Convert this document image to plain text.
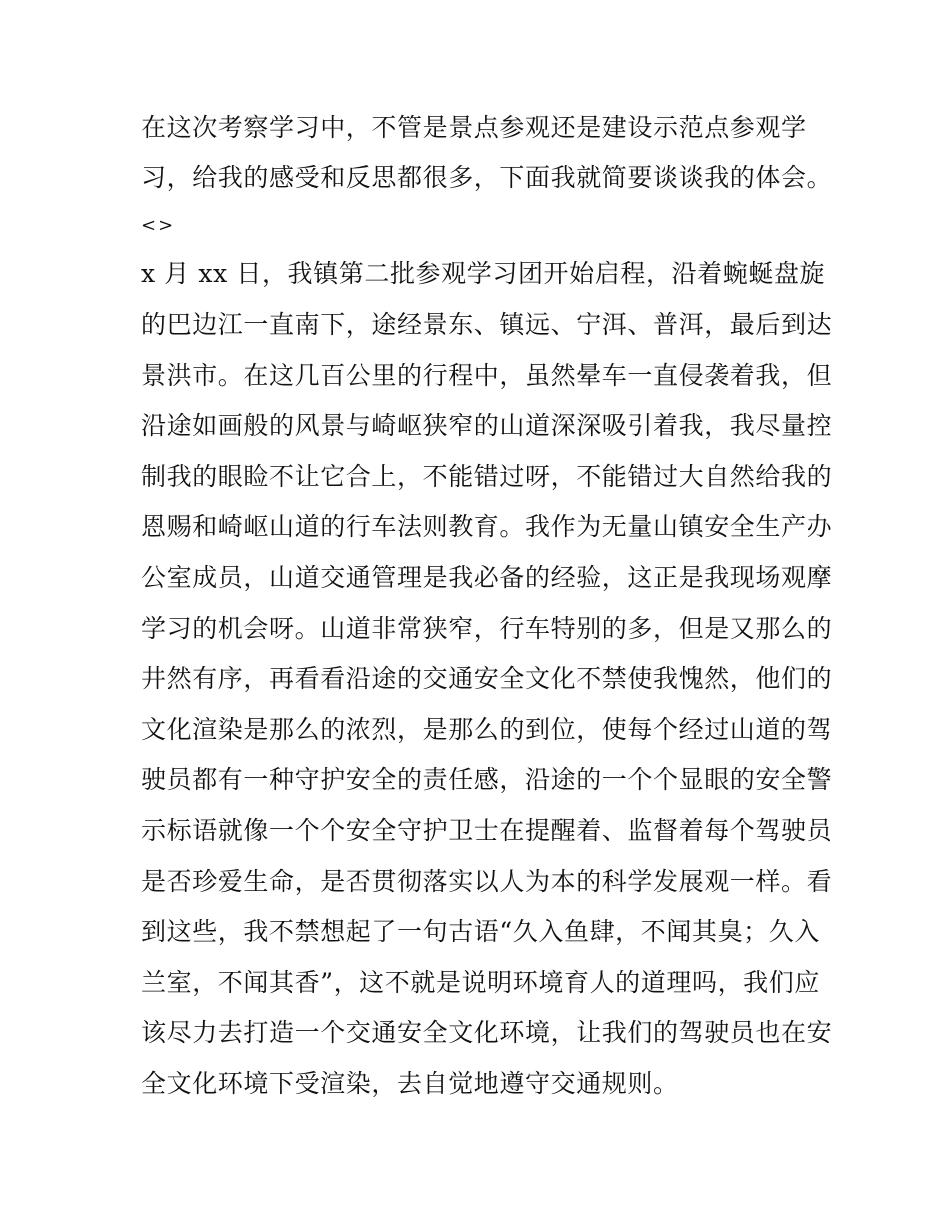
在这次考察学习中，不管是景点参观还是建设示范点参观学
习，给我的感受和反思都很多，下面我就简要谈谈我的体会。
<>
x 月 xx 日，我镇第二批参观学习团开始启程，沿着蜿蜒盘旋
的巴边江一直南下，途经景东、镇远、宁洱、普洱，最后到达
景洪市。在这几百公里的行程中，虽然晕车一直侵袭着我，但
沿途如画般的风景与崎岖狭窄的山道深深吸引着我，我尽量控
制我的眼睑不让它合上，不能错过呀，不能错过大自然给我的
恩赐和崎岖山道的行车法则教育。我作为无量山镇安全生产办
公室成员，山道交通管理是我必备的经验，这正是我现场观摩
学习的机会呀。山道非常狭窄，行车特别的多，但是又那么的
井然有序，再看看沿途的交通安全文化不禁使我愧然，他们的
文化渲染是那么的浓烈，是那么的到位，使每个经过山道的驾
驶员都有一种守护安全的责任感，沿途的一个个显眼的安全警
示标语就像一个个安全守护卫士在提醒着、监督着每个驾驶员
是否珍爱生命，是否贯彻落实以人为本的科学发展观一样。看
到这些，我不禁想起了一句古语“久入鱼肆，不闻其臭；久入
兰室，不闻其香”，这不就是说明环境育人的道理吗，我们应
该尽力去打造一个交通安全文化环境，让我们的驾驶员也在安
全文化环境下受渲染，去自觉地遵守交通规则。
